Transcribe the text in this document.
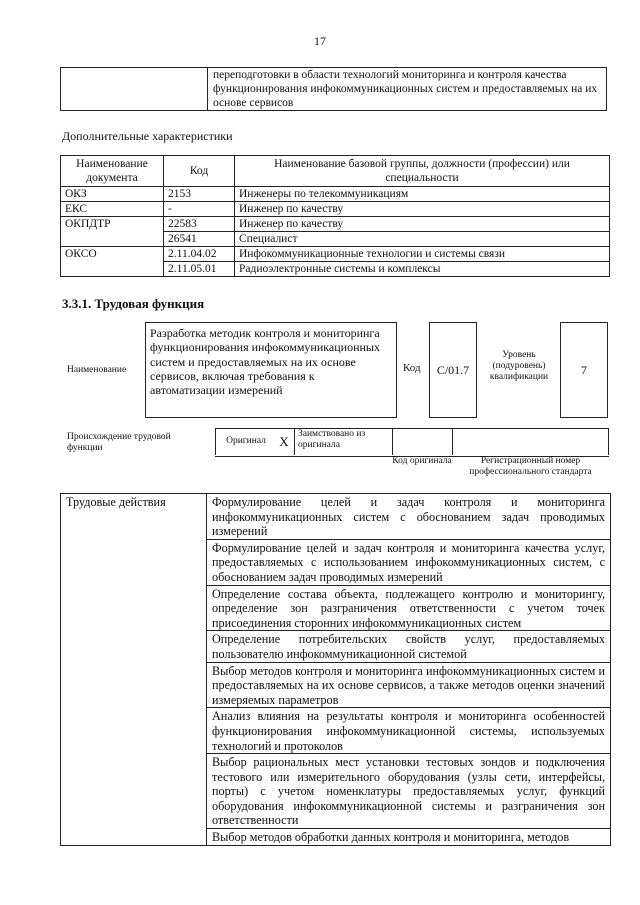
17
	переподготовки в области технологий мониторинга и контроля качества функционирования инфокоммуникационных систем и предоставляемых на их основе сервисов
Дополнительные характеристики
Наименование документа	Код	Наименование базовой группы, должности (профессии) или специальности
ОКЗ	2153	Инженеры по телекоммуникациям
ЕКС	-	Инженер по качеству
ОКПДТР	22583	Инженер по качеству
	26541	Специалист
ОКСО	2.11.04.02	Инфокоммуникационные технологии и системы связи
	2.11.05.01	Радиоэлектронные системы и комплексы
3.3.1. Трудовая функция
Наименование
Разработка методик контроля и мониторинга функционирования инфокоммуникационных систем и предоставляемых на их основе сервисов, включая требования к автоматизации измерений
Код	C/01.7
Уровень (подуровень) квалификации
7
Происхождение трудовой функции
Оригинал	X Заимствовано из оригинала
Код оригинала	Регистрационный номер профессионального стандарта
Трудовые действия	Формулирование целей и задач контроля и мониторинга инфокоммуникационных систем с обоснованием задач проводимых измерений
Формулирование целей и задач контроля и мониторинга качества услуг, предоставляемых с использованием инфокоммуникационных систем, с обоснованием задач проводимых измерений
Определение состава объекта, подлежащего контролю и мониторингу, определение зон разграничения ответственности с учетом точек присоединения сторонних инфокоммуникационных систем
Определение потребительских свойств услуг, предоставляемых пользователю инфокоммуникационной системой
Выбор методов контроля и мониторинга инфокоммуникационных систем и предоставляемых на их основе сервисов, а также методов оценки значений измеряемых параметров
Анализ влияния на результаты контроля и мониторинга особенностей функционирования инфокоммуникационной системы, используемых технологий и протоколов
Выбор рациональных мест установки тестовых зондов и подключения тестового или измерительного оборудования (узлы сети, интерфейсы, порты) с учетом номенклатуры предоставляемых услуг, функций оборудования инфокоммуникационной системы и разграничения зон ответственности
Выбор методов обработки данных контроля и мониторинга, методов
